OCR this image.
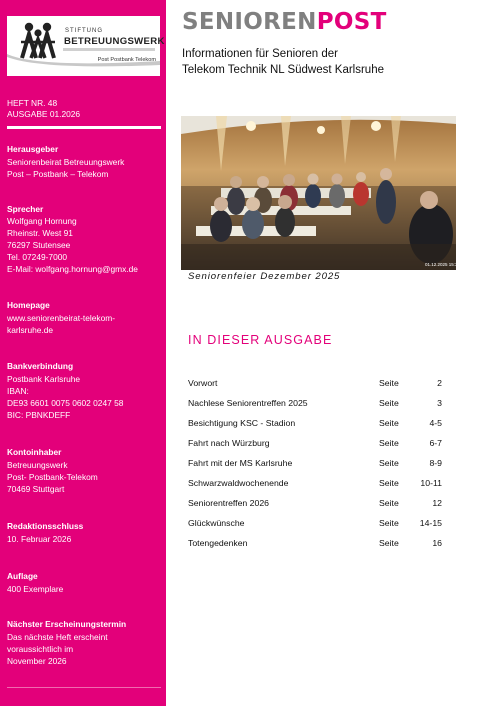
STIFTUNG
BETREUUNGSWERK
Post Postbank Telekom
HEFT NR. 48
AUSGABE 01.2026
Herausgeber
Seniorenbeirat Betreuungswerk
Post – Postbank – Telekom
Sprecher
Wolfgang Hornung
Rheinstr. West 91
76297 Stutensee
Tel. 07249-7000
E-Mail: wolfgang.hornung@gmx.de
Homepage
www.seniorenbeirat-telekom-
karlsruhe.de
Bankverbindung
Postbank Karlsruhe
IBAN:
DE93 6601 0075 0602 0247 58
BIC: PBNKDEFF
Kontoinhaber
Betreuungswerk
Post- Postbank-Telekom
70469 Stuttgart
Redaktionsschluss
10. Februar 2026
Auflage
400 Exemplare
Nächster Erscheinungstermin
Das nächste Heft erscheint
voraussichtlich im
November 2026
SENIORENPOST
Informationen für Senioren der
Telekom Technik NL Südwest Karlsruhe
01.12.2025 15:34
Seniorenfeier Dezember 2025
IN DIESER AUSGABE
Vorwort	Seite	2
Nachlese Seniorentreffen 2025	Seite	3
Besichtigung KSC - Stadion	Seite	4-5
Fahrt nach Würzburg	Seite	6-7
Fahrt mit der MS Karlsruhe	Seite	8-9
Schwarzwaldwochenende	Seite 10-11
Seniorentreffen 2026	Seite	12
Glückwünsche	Seite 14-15
Totengedenken	Seite	16
